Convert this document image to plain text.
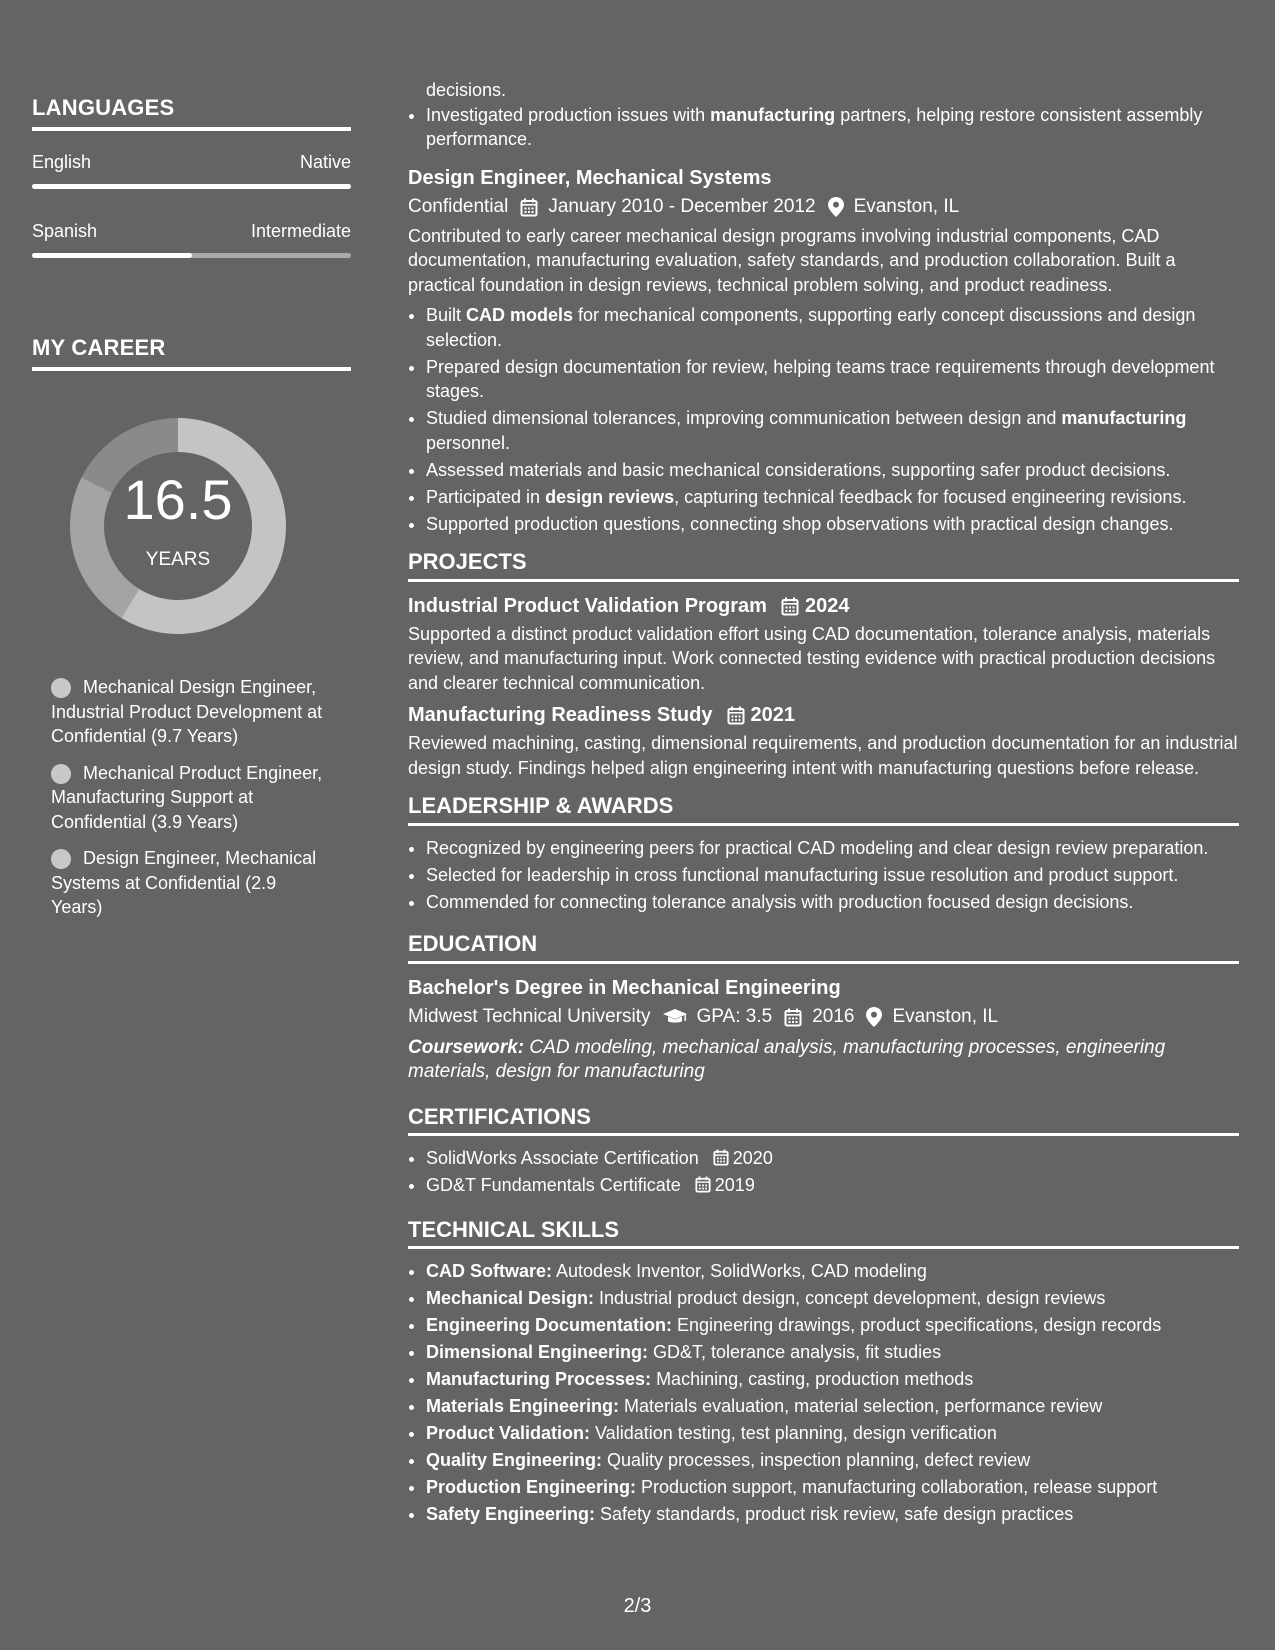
LANGUAGES
English	Native
Spanish	Intermediate
MY CAREER
16.5
YEARS
Mechanical Design Engineer, Industrial Product Development at Confidential (9.7 Years)
Mechanical Product Engineer, Manufacturing Support at Confidential (3.9 Years)
Design Engineer, Mechanical Systems at Confidential (2.9 Years)
decisions.
• Investigated production issues with manufacturing partners, helping restore consistent assembly performance.
Design Engineer, Mechanical Systems
Confidential January 2010 - December 2012 Evanston, IL
Contributed to early career mechanical design programs involving industrial components, CAD documentation, manufacturing evaluation, safety standards, and production collaboration. Built a practical foundation in design reviews, technical problem solving, and product readiness.
• Built CAD models for mechanical components, supporting early concept discussions and design selection.
• Prepared design documentation for review, helping teams trace requirements through development stages.
• Studied dimensional tolerances, improving communication between design and manufacturing personnel.
• Assessed materials and basic mechanical considerations, supporting safer product decisions.
• Participated in design reviews, capturing technical feedback for focused engineering revisions.
• Supported production questions, connecting shop observations with practical design changes.
PROJECTS
Industrial Product Validation Program 2024
Supported a distinct product validation effort using CAD documentation, tolerance analysis, materials review, and manufacturing input. Work connected testing evidence with practical production decisions and clearer technical communication.
Manufacturing Readiness Study 2021
Reviewed machining, casting, dimensional requirements, and production documentation for an industrial design study. Findings helped align engineering intent with manufacturing questions before release.
LEADERSHIP & AWARDS
• Recognized by engineering peers for practical CAD modeling and clear design review preparation.
• Selected for leadership in cross functional manufacturing issue resolution and product support.
• Commended for connecting tolerance analysis with production focused design decisions.
EDUCATION
Bachelor's Degree in Mechanical Engineering
Midwest Technical University GPA: 3.5 2016 Evanston, IL
Coursework: CAD modeling, mechanical analysis, manufacturing processes, engineering materials, design for manufacturing
CERTIFICATIONS
• SolidWorks Associate Certification 2020
• GD&T Fundamentals Certificate 2019
TECHNICAL SKILLS
• CAD Software: Autodesk Inventor, SolidWorks, CAD modeling
• Mechanical Design: Industrial product design, concept development, design reviews
• Engineering Documentation: Engineering drawings, product specifications, design records
• Dimensional Engineering: GD&T, tolerance analysis, fit studies
• Manufacturing Processes: Machining, casting, production methods
• Materials Engineering: Materials evaluation, material selection, performance review
• Product Validation: Validation testing, test planning, design verification
• Quality Engineering: Quality processes, inspection planning, defect review
• Production Engineering: Production support, manufacturing collaboration, release support
• Safety Engineering: Safety standards, product risk review, safe design practices
2/3
